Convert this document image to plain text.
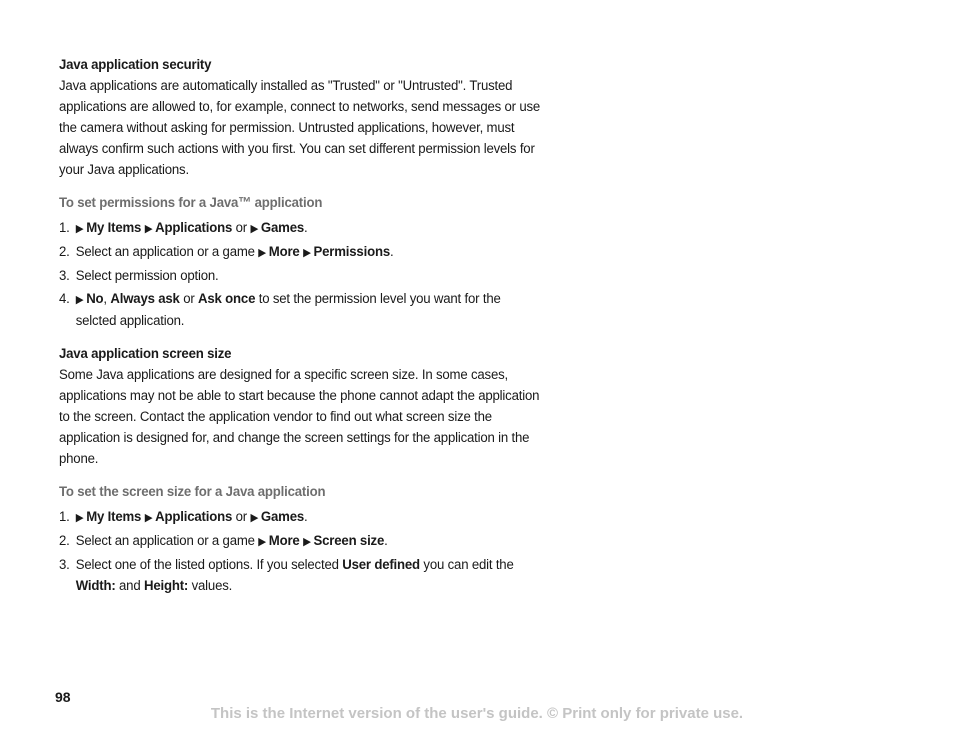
Java application security

Java applications are automatically installed as "Trusted" or "Untrusted". Trusted applications are allowed to, for example, connect to networks, send messages or use the camera without asking for permission. Untrusted applications, however, must always confirm such actions with you first. You can set different permission levels for your Java applications.

To set permissions for a Java™ application
1. ▶ My Items ▶ Applications or ▶ Games.
2. Select an application or a game ▶ More ▶ Permissions.
3. Select permission option.
4. ▶ No, Always ask or Ask once to set the permission level you want for the selcted application.
Java application screen size

Some Java applications are designed for a specific screen size. In some cases, applications may not be able to start because the phone cannot adapt the application to the screen. Contact the application vendor to find out what screen size the application is designed for, and change the screen settings for the application in the phone.

To set the screen size for a Java application
1. ▶ My Items ▶ Applications or ▶ Games.
2. Select an application or a game ▶ More ▶ Screen size.
3. Select one of the listed options. If you selected User defined you can edit the Width: and Height: values.
98
This is the Internet version of the user's guide. © Print only for private use.
